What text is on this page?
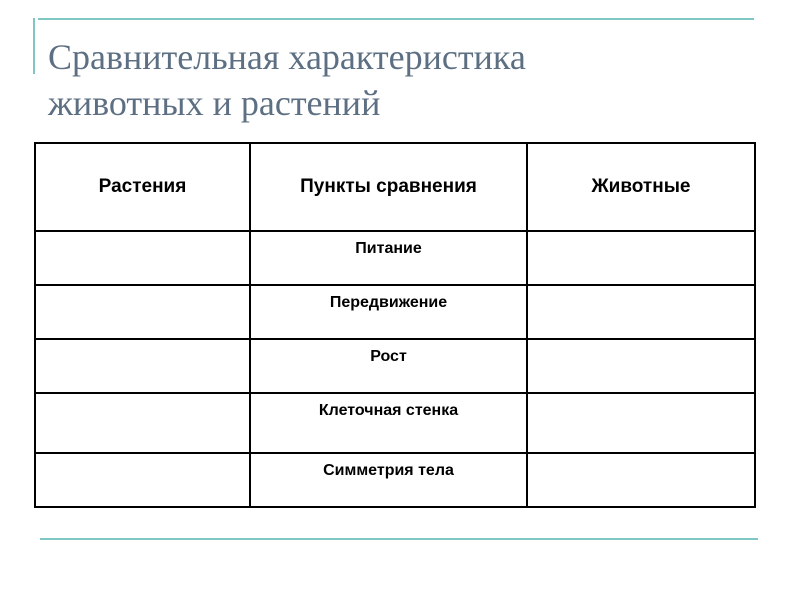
Сравнительная характеристика
животных и растений
Растения	Пункты сравнения	Животные
	Питание	
	Передвижение	
	Рост	
	Клеточная стенка	
	Симметрия тела	
